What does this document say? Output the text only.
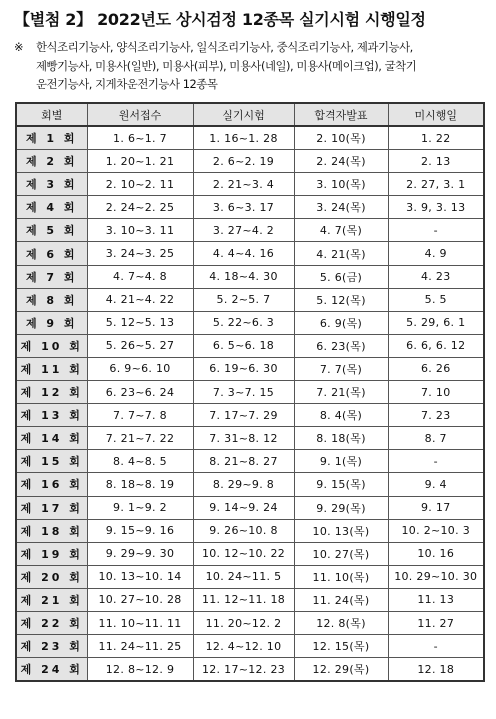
【별첨 2】 2022년도 상시검정 12종목 실기시험 시행일정
※ 한식조리기능사, 양식조리기능사, 일식조리기능사, 중식조리기능사, 제과기능사,
제빵기능사, 미용사(일반), 미용사(피부), 미용사(네일), 미용사(메이크업), 굴착기
운전기능사, 지게차운전기능사 12종목
회별	원서접수	실기시험	합격자발표	미시행일
제 1 회	1. 6~1. 7	1. 16~1. 28	2. 10(목)	1. 22
제 2 회	1. 20~1. 21	2. 6~2. 19	2. 24(목)	2. 13
제 3 회	2. 10~2. 11	2. 21~3. 4	3. 10(목)	2. 27, 3. 1
제 4 회	2. 24~2. 25	3. 6~3. 17	3. 24(목)	3. 9, 3. 13
제 5 회	3. 10~3. 11	3. 27~4. 2	4. 7(목)	-
제 6 회	3. 24~3. 25	4. 4~4. 16	4. 21(목)	4. 9
제 7 회	4. 7~4. 8	4. 18~4. 30	5. 6(금)	4. 23
제 8 회	4. 21~4. 22	5. 2~5. 7	5. 12(목)	5. 5
제 9 회	5. 12~5. 13	5. 22~6. 3	6. 9(목)	5. 29, 6. 1
제 10 회	5. 26~5. 27	6. 5~6. 18	6. 23(목)	6. 6, 6. 12
제 11 회	6. 9~6. 10	6. 19~6. 30	7. 7(목)	6. 26
제 12 회	6. 23~6. 24	7. 3~7. 15	7. 21(목)	7. 10
제 13 회	7. 7~7. 8	7. 17~7. 29	8. 4(목)	7. 23
제 14 회	7. 21~7. 22	7. 31~8. 12	8. 18(목)	8. 7
제 15 회	8. 4~8. 5	8. 21~8. 27	9. 1(목)	-
제 16 회	8. 18~8. 19	8. 29~9. 8	9. 15(목)	9. 4
제 17 회	9. 1~9. 2	9. 14~9. 24	9. 29(목)	9. 17
제 18 회	9. 15~9. 16	9. 26~10. 8	10. 13(목)	10. 2~10. 3
제 19 회	9. 29~9. 30	10. 12~10. 22	10. 27(목)	10. 16
제 20 회	10. 13~10. 14	10. 24~11. 5	11. 10(목)	10. 29~10. 30
제 21 회	10. 27~10. 28	11. 12~11. 18	11. 24(목)	11. 13
제 22 회	11. 10~11. 11	11. 20~12. 2	12. 8(목)	11. 27
제 23 회	11. 24~11. 25	12. 4~12. 10	12. 15(목)	-
제 24 회	12. 8~12. 9	12. 17~12. 23	12. 29(목)	12. 18
